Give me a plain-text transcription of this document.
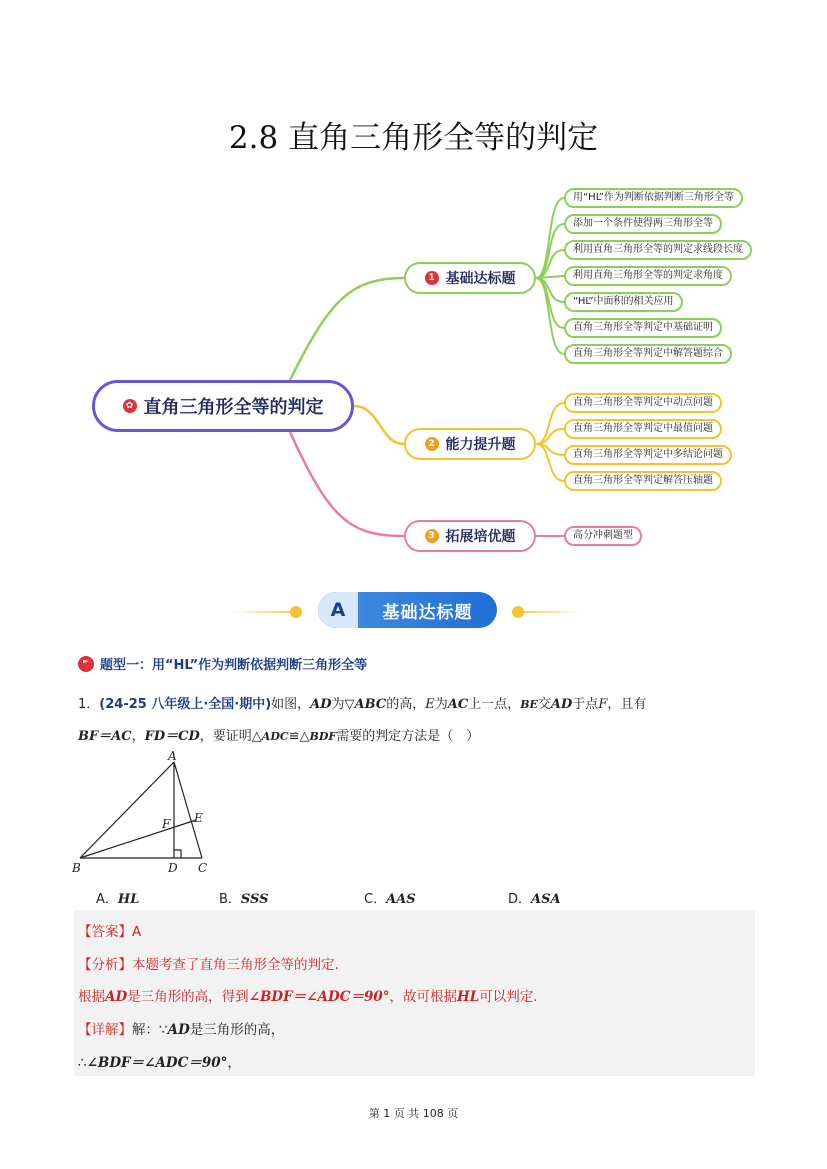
2.8 直角三角形全等的判定
✿ 直角三角形全等的判定
1 基础达标题
2 能力提升题
3 拓展培优题
用“HL”作为判断依据判断三角形全等
添加一个条件使得两三角形全等
利用直角三角形全等的判定求线段长度
利用直角三角形全等的判定求角度
“HL”中面积的相关应用
直角三角形全等判定中基础证明
直角三角形全等判定中解答题综合
直角三角形全等判定中动点问题
直角三角形全等判定中最值问题
直角三角形全等判定中多结论问题
直角三角形全等判定解答压轴题
高分冲刺题型
A	基础达标题
题型一：用“HL”作为判断依据判断三角形全等
1．(24-25 八年级上·全国·期中)如图，AD为▽ABC的高，E为AC上一点，BE交AD于点F，且有
BF＝AC，FD＝CD，要证明△ADC≌△BDF需要的判定方法是（　）
A
B	C
D
E
F
A．HL	B．SSS	C．AAS	D．ASA
【答案】A
【分析】本题考查了直角三角形全等的判定.
根据AD是三角形的高，得到∠BDF＝∠ADC＝90°，故可根据HL可以判定.
【详解】解：∵AD是三角形的高，
∴∠BDF＝∠ADC＝90°，
第 1 页 共 108 页
